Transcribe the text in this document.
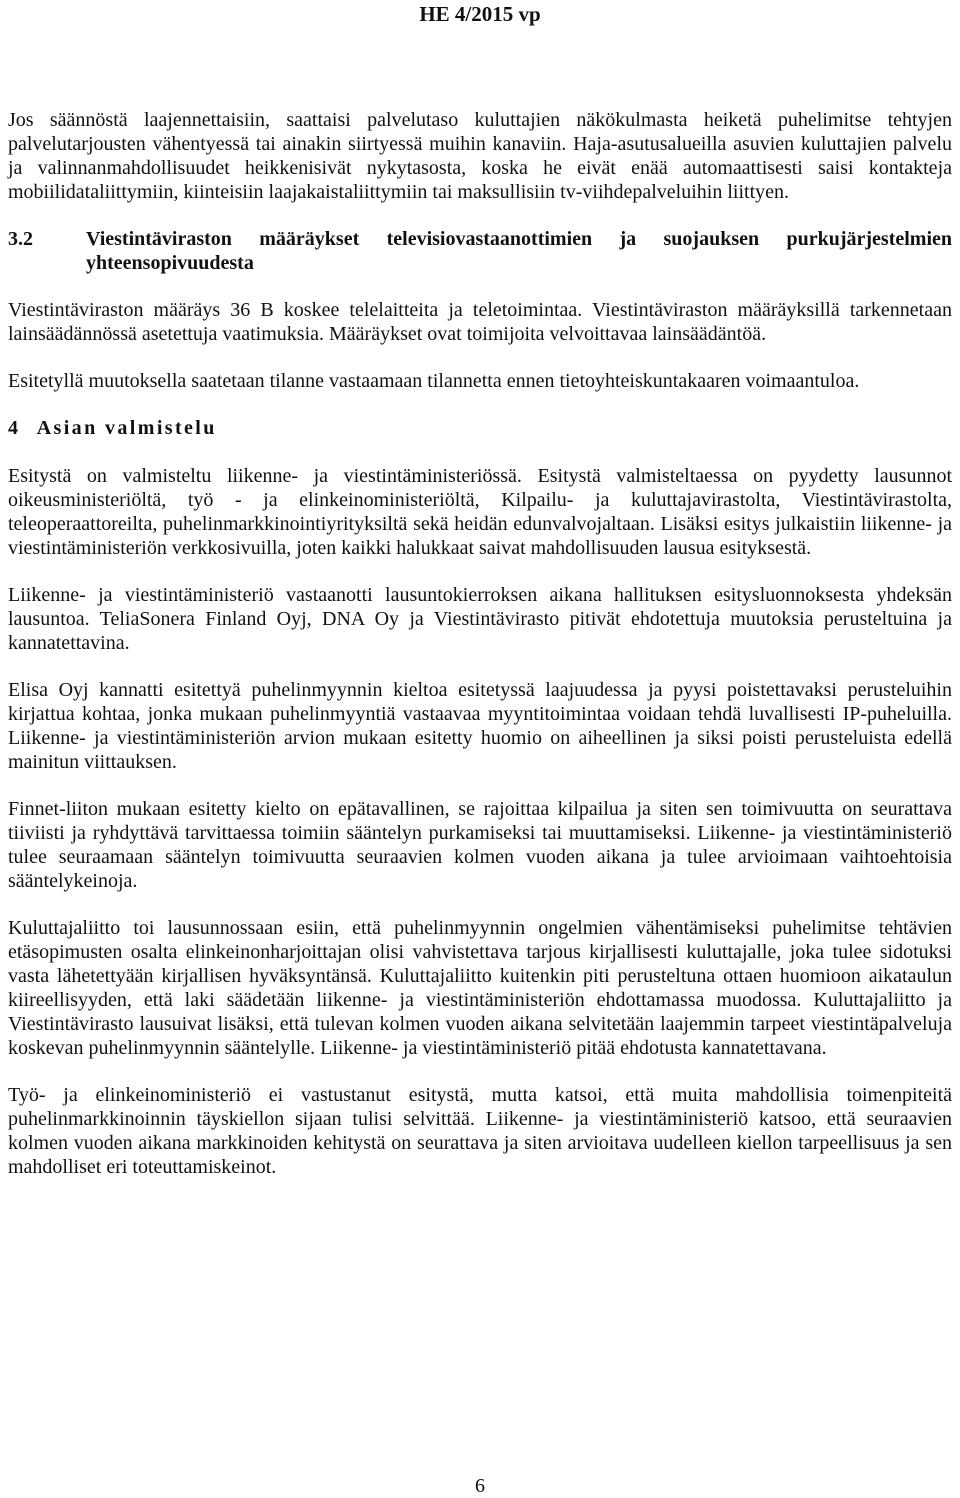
HE 4/2015 vp

Jos säännöstä laajennettaisiin, saattaisi palvelutaso kuluttajien näkökulmasta heiketä puhelimitse tehtyjen palvelutarjousten vähentyessä tai ainakin siirtyessä muihin kanaviin. Haja-asutusalueilla asuvien kuluttajien palvelu ja valinnanmahdollisuudet heikkenisivät nykytasosta, koska he eivät enää automaattisesti saisi kontakteja mobiilidataliittymiin, kiinteisiin laajakaistaliittymiin tai maksullisiin tv-viihdepalveluihin liittyen.

3.2	Viestintäviraston määräykset televisiovastaanottimien ja suojauksen purkujärjestelmien yhteensopivuudesta

Viestintäviraston määräys 36 B koskee telelaitteita ja teletoimintaa. Viestintäviraston määräyksillä tarkennetaan lainsäädännössä asetettuja vaatimuksia. Määräykset ovat toimijoita velvoittavaa lainsäädäntöä.

Esitetyllä muutoksella saatetaan tilanne vastaamaan tilannetta ennen tietoyhteiskuntakaaren voimaantuloa.

4 Asian valmistelu

Esitystä on valmisteltu liikenne- ja viestintäministeriössä. Esitystä valmisteltaessa on pyydetty lausunnot oikeusministeriöltä, työ - ja elinkeinoministeriöltä, Kilpailu- ja kuluttajavirastolta, Viestintävirastolta, teleoperaattoreilta, puhelinmarkkinointiyrityksiltä sekä heidän edunvalvojaltaan. Lisäksi esitys julkaistiin liikenne- ja viestintäministeriön verkkosivuilla, joten kaikki halukkaat saivat mahdollisuuden lausua esityksestä.

Liikenne- ja viestintäministeriö vastaanotti lausuntokierroksen aikana hallituksen esitysluonnoksesta yhdeksän lausuntoa. TeliaSonera Finland Oyj, DNA Oy ja Viestintävirasto pitivät ehdotettuja muutoksia perusteltuina ja kannatettavina.

Elisa Oyj kannatti esitettyä puhelinmyynnin kieltoa esitetyssä laajuudessa ja pyysi poistettavaksi perusteluihin kirjattua kohtaa, jonka mukaan puhelinmyyntiä vastaavaa myyntitoimintaa voidaan tehdä luvallisesti IP-puheluilla. Liikenne- ja viestintäministeriön arvion mukaan esitetty huomio on aiheellinen ja siksi poisti perusteluista edellä mainitun viittauksen.

Finnet-liiton mukaan esitetty kielto on epätavallinen, se rajoittaa kilpailua ja siten sen toimivuutta on seurattava tiiviisti ja ryhdyttävä tarvittaessa toimiin sääntelyn purkamiseksi tai muuttamiseksi. Liikenne- ja viestintäministeriö tulee seuraamaan sääntelyn toimivuutta seuraavien kolmen vuoden aikana ja tulee arvioimaan vaihtoehtoisia sääntelykeinoja.

Kuluttajaliitto toi lausunnossaan esiin, että puhelinmyynnin ongelmien vähentämiseksi puhelimitse tehtävien etäsopimusten osalta elinkeinonharjoittajan olisi vahvistettava tarjous kirjallisesti kuluttajalle, joka tulee sidotuksi vasta lähetettyään kirjallisen hyväksyntänsä. Kuluttajaliitto kuitenkin piti perusteltuna ottaen huomioon aikataulun kiireellisyyden, että laki säädetään liikenne- ja viestintäministeriön ehdottamassa muodossa. Kuluttajaliitto ja Viestintävirasto lausuivat lisäksi, että tulevan kolmen vuoden aikana selvitetään laajemmin tarpeet viestintäpalveluja koskevan puhelinmyynnin sääntelylle. Liikenne- ja viestintäministeriö pitää ehdotusta kannatettavana.

Työ- ja elinkeinoministeriö ei vastustanut esitystä, mutta katsoi, että muita mahdollisia toimenpiteitä puhelinmarkkinoinnin täyskiellon sijaan tulisi selvittää. Liikenne- ja viestintäministeriö katsoo, että seuraavien kolmen vuoden aikana markkinoiden kehitystä on seurattava ja siten arvioitava uudelleen kiellon tarpeellisuus ja sen mahdolliset eri toteuttamiskeinot.

6
